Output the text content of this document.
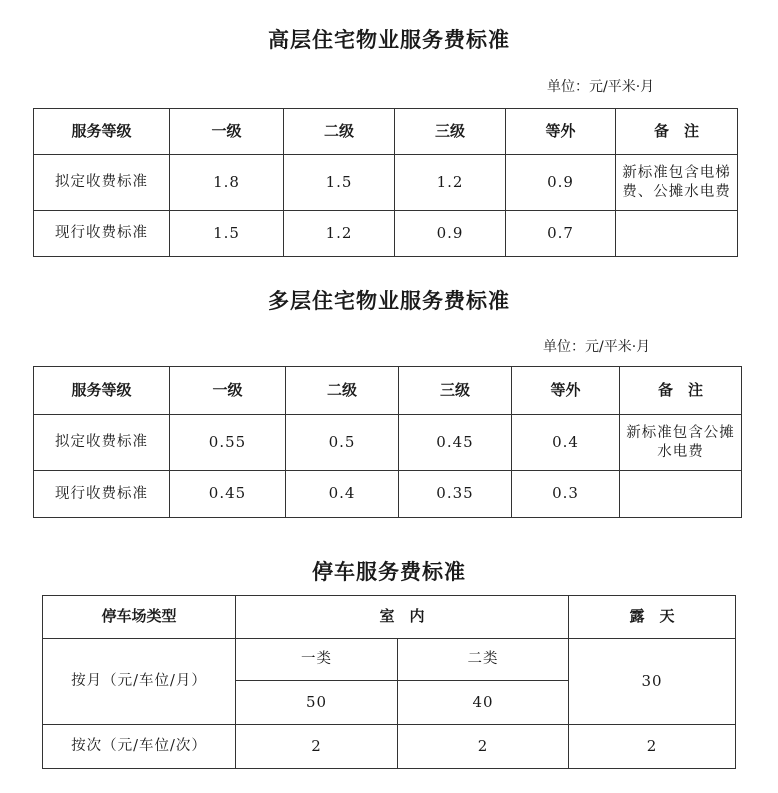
高层住宅物业服务费标准
单位：元/平米·月
服务等级	一级	二级	三级	等外	备　注
拟定收费标准	1.8	1.5	1.2	0.9	新标准包含电梯费、公摊水电费
现行收费标准	1.5	1.2	0.9	0.7	
多层住宅物业服务费标准
单位：元/平米·月
服务等级	一级	二级	三级	等外	备　注
拟定收费标准	0.55	0.5	0.45	0.4	新标准包含公摊水电费
现行收费标准	0.45	0.4	0.35	0.3	
停车服务费标准
停车场类型	室　内		露　天
按月（元/车位/月）	一类	二类	30
	50	40	
按次（元/车位/次）	2	2	2
